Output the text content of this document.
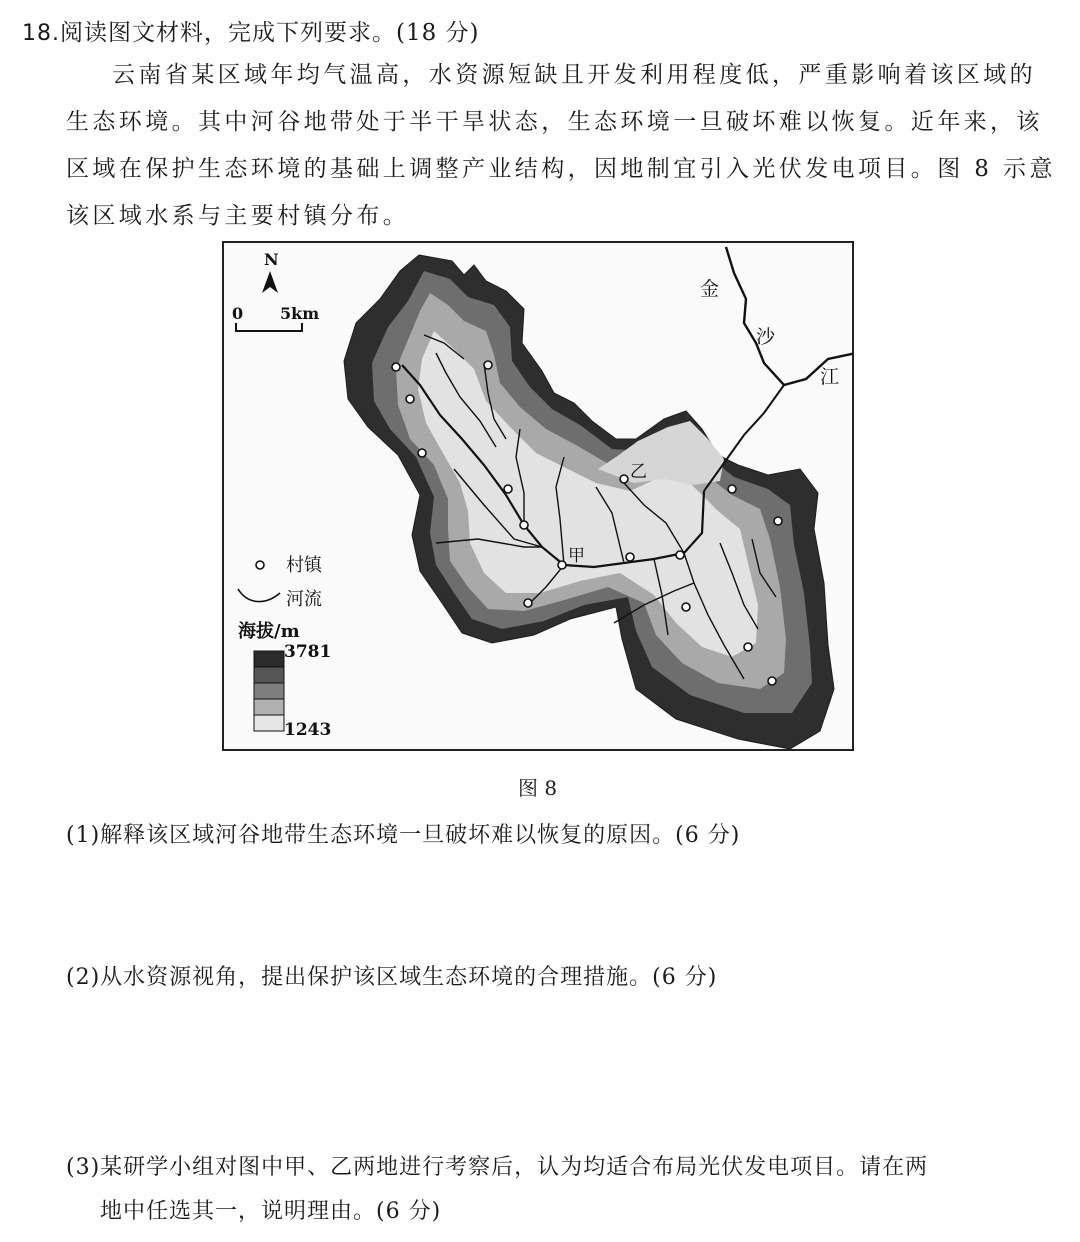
18.阅读图文材料，完成下列要求。(18 分)

云南省某区域年均气温高，水资源短缺且开发利用程度低，严重影响着该区域的

生态环境。其中河谷地带处于半干旱状态，生态环境一旦破坏难以恢复。近年来，该

区域在保护生态环境的基础上调整产业结构，因地制宜引入光伏发电项目。图 8 示意

该区域水系与主要村镇分布。

甲
乙
金
沙
江
N
0 5km
村镇
河流
海拔/m
3781
1243
图 8
(1)解释该区域河谷地带生态环境一旦破坏难以恢复的原因。(6 分)
(2)从水资源视角，提出保护该区域生态环境的合理措施。(6 分)
(3)某研学小组对图中甲、乙两地进行考察后，认为均适合布局光伏发电项目。请在两
地中任选其一，说明理由。(6 分)
